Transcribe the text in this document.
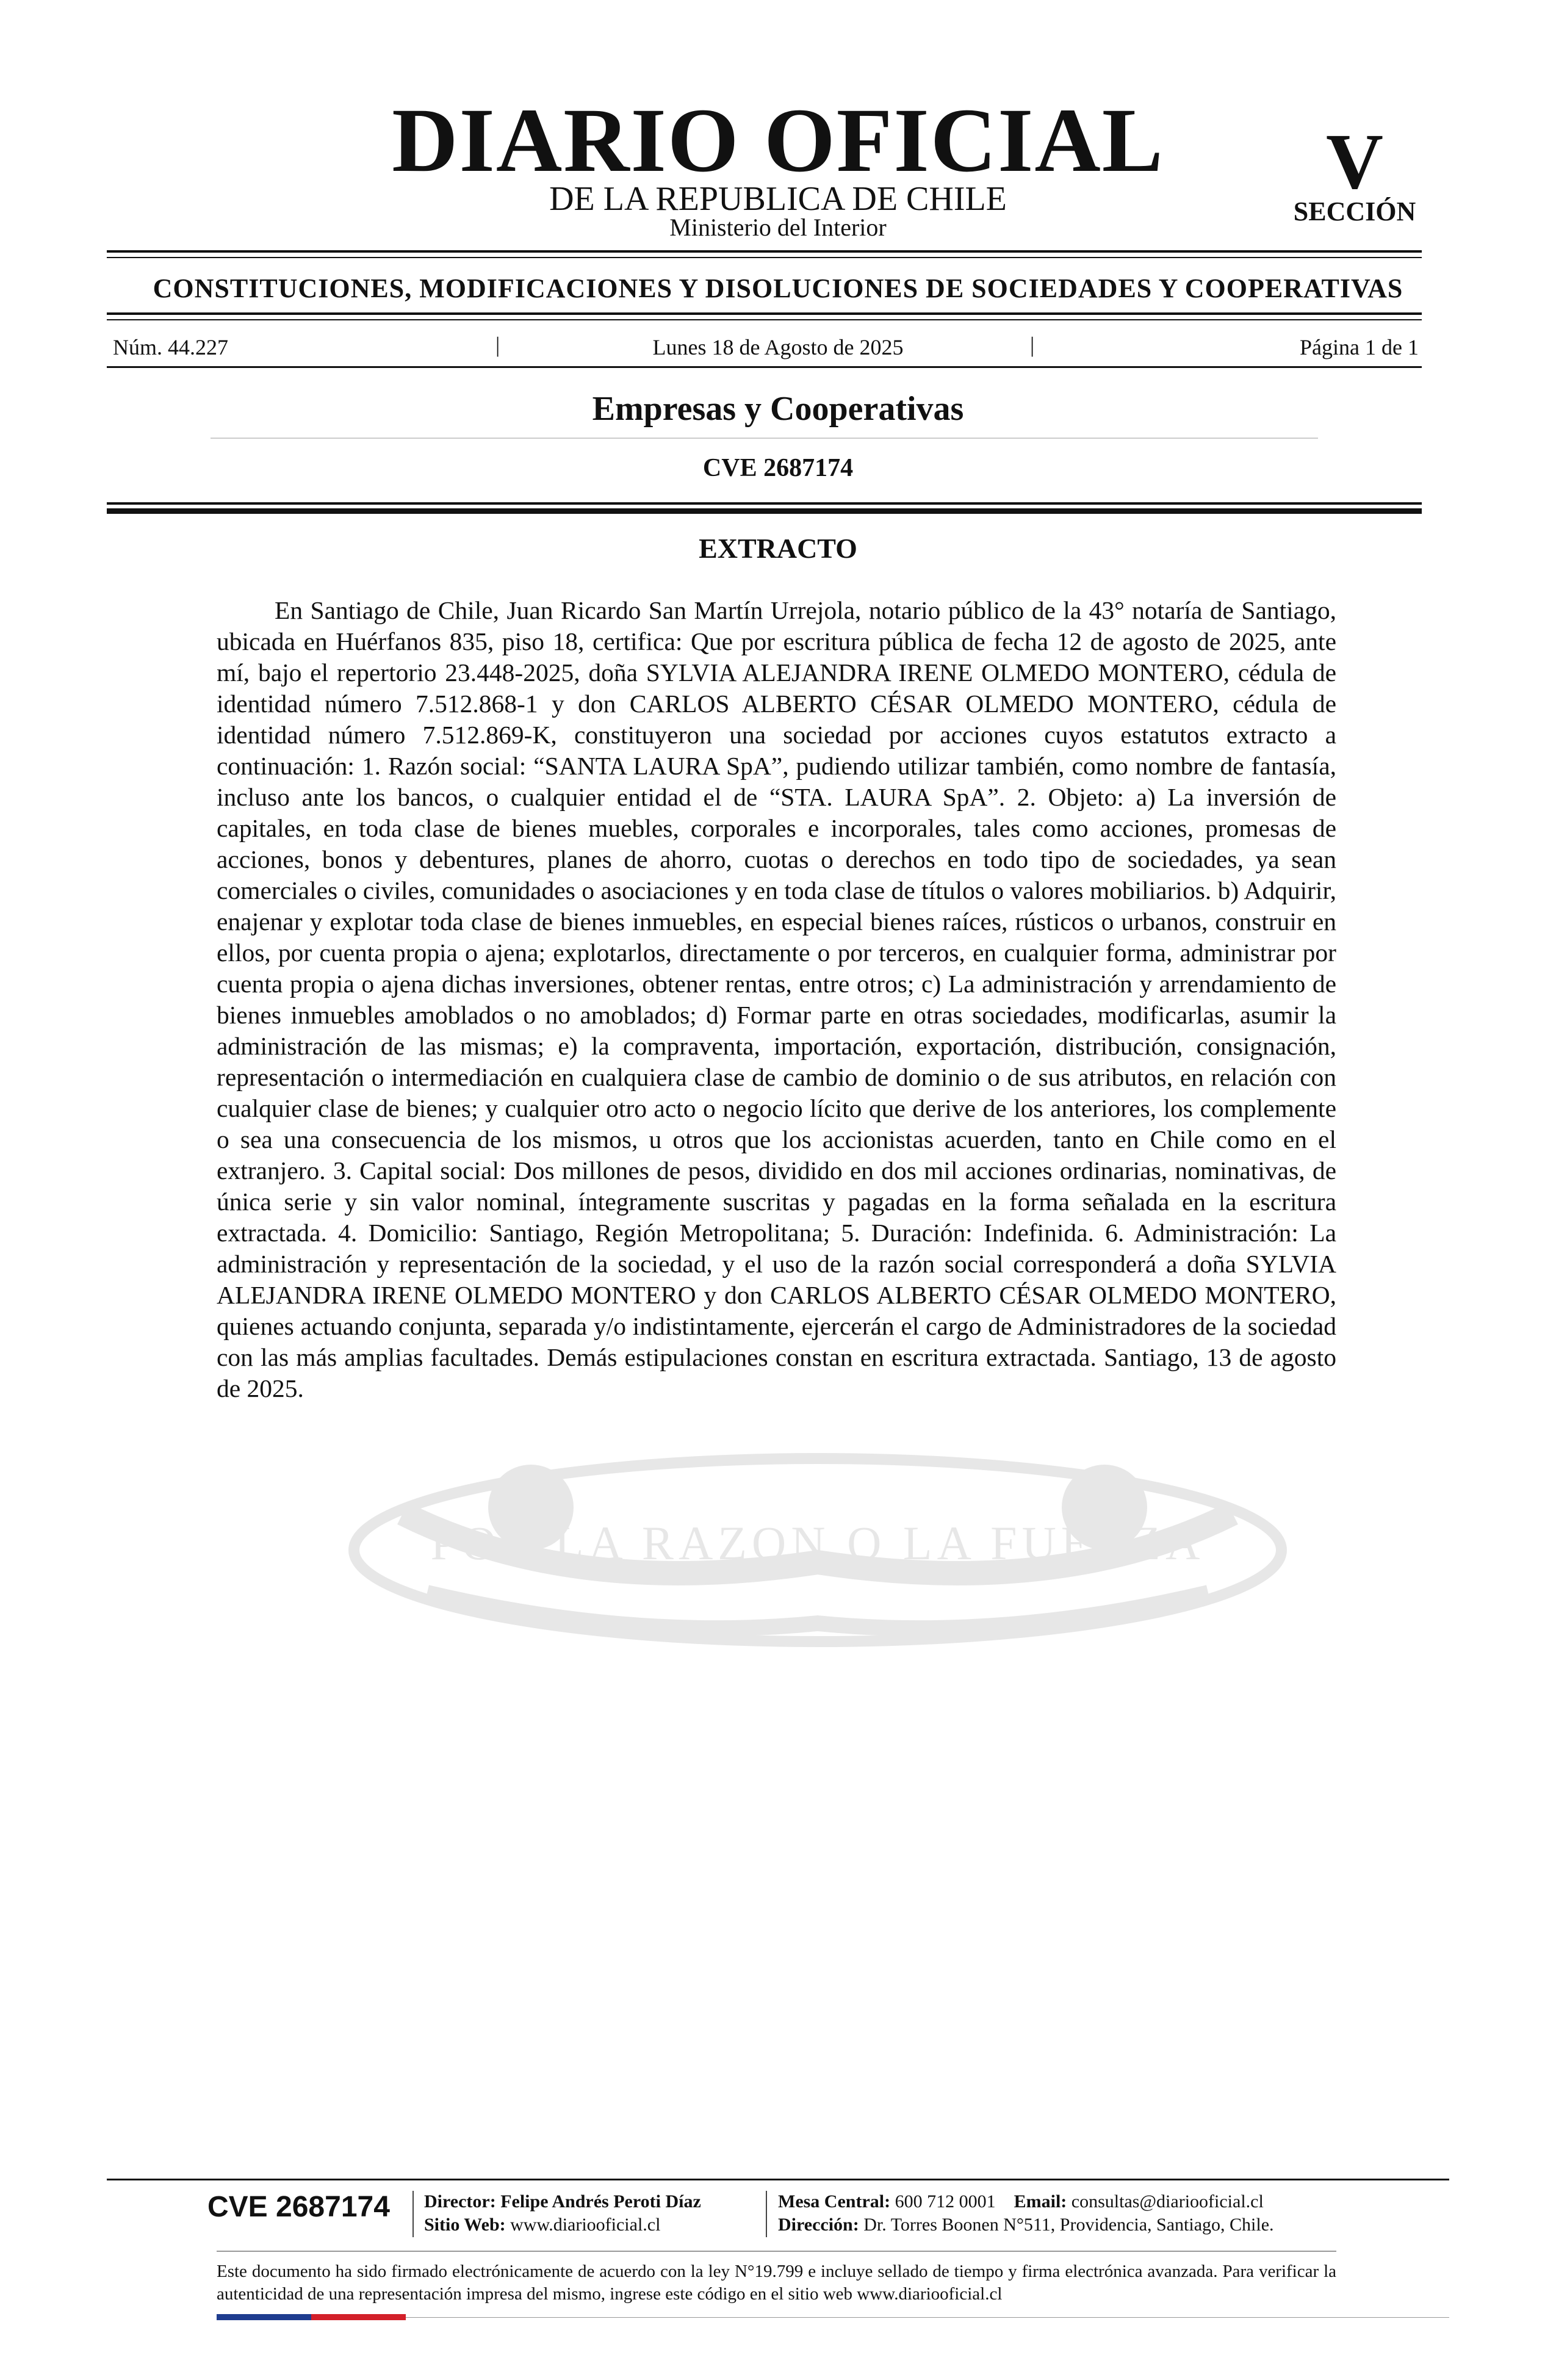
DIARIO OFICIAL
DE LA REPUBLICA DE CHILE
Ministerio del Interior
V
SECCIÓN
CONSTITUCIONES, MODIFICACIONES Y DISOLUCIONES DE SOCIEDADES Y COOPERATIVAS
Núm. 44.227	|	Lunes 18 de Agosto de 2025	|	Página 1 de 1
Empresas y Cooperativas
CVE 2687174
EXTRACTO

En Santiago de Chile, Juan Ricardo San Martín Urrejola, notario público de la 43° notaría de Santiago, ubicada en Huérfanos 835, piso 18, certifica: Que por escritura pública de fecha 12 de agosto de 2025, ante mí, bajo el repertorio 23.448-2025, doña SYLVIA ALEJANDRA IRENE OLMEDO MONTERO, cédula de identidad número 7.512.868-1 y don CARLOS ALBERTO CÉSAR OLMEDO MONTERO, cédula de identidad número 7.512.869-K, constituyeron una sociedad por acciones cuyos estatutos extracto a continuación: 1. Razón social: “SANTA LAURA SpA”, pudiendo utilizar también, como nombre de fantasía, incluso ante los bancos, o cualquier entidad el de “STA. LAURA SpA”. 2. Objeto: a) La inversión de capitales, en toda clase de bienes muebles, corporales e incorporales, tales como acciones, promesas de acciones, bonos y debentures, planes de ahorro, cuotas o derechos en todo tipo de sociedades, ya sean comerciales o civiles, comunidades o asociaciones y en toda clase de títulos o valores mobiliarios. b) Adquirir, enajenar y explotar toda clase de bienes inmuebles, en especial bienes raíces, rústicos o urbanos, construir en ellos, por cuenta propia o ajena; explotarlos, directamente o por terceros, en cualquier forma, administrar por cuenta propia o ajena dichas inversiones, obtener rentas, entre otros; c) La administración y arrendamiento de bienes inmuebles amoblados o no amoblados; d) Formar parte en otras sociedades, modificarlas, asumir la administración de las mismas; e) la compraventa, importación, exportación, distribución, consignación, representación o intermediación en cualquiera clase de cambio de dominio o de sus atributos, en relación con cualquier clase de bienes; y cualquier otro acto o negocio lícito que derive de los anteriores, los complemente o sea una consecuencia de los mismos, u otros que los accionistas acuerden, tanto en Chile como en el extranjero. 3. Capital social: Dos millones de pesos, dividido en dos mil acciones ordinarias, nominativas, de única serie y sin valor nominal, íntegramente suscritas y pagadas en la forma señalada en la escritura extractada. 4. Domicilio: Santiago, Región Metropolitana; 5. Duración: Indefinida. 6. Administración: La administración y representación de la sociedad, y el uso de la razón social corresponderá a doña SYLVIA ALEJANDRA IRENE OLMEDO MONTERO y don CARLOS ALBERTO CÉSAR OLMEDO MONTERO, quienes actuando conjunta, separada y/o indistintamente, ejercerán el cargo de Administradores de la sociedad con las más amplias facultades. Demás estipulaciones constan en escritura extractada. Santiago, 13 de agosto de 2025.

POR LA RAZON O LA FUERZA
CVE 2687174 Director: Felipe Andrés Peroti Díaz
Sitio Web: www.diariooficial.cl
Mesa Central: 600 712 0001 Email: consultas@diariooficial.cl
Dirección: Dr. Torres Boonen N°511, Providencia, Santiago, Chile.
Este documento ha sido firmado electrónicamente de acuerdo con la ley N°19.799 e incluye sellado de tiempo y firma electrónica avanzada. Para verificar la autenticidad de una representación impresa del mismo, ingrese este código en el sitio web www.diariooficial.cl
